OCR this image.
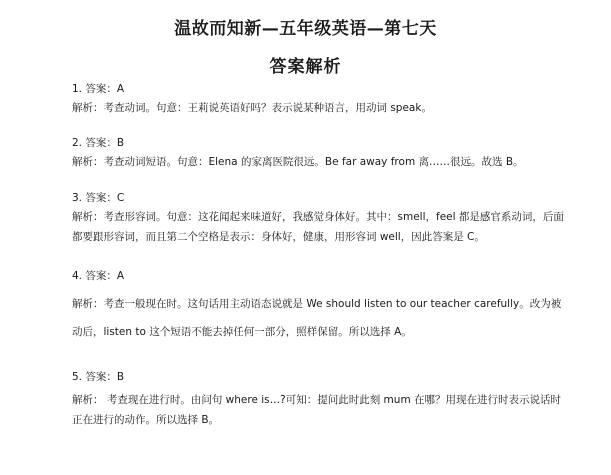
温故而知新—五年级英语—第七天
答案解析
1. 答案：A
解析：考查动词。句意：王莉说英语好吗？表示说某种语言，用动词 speak。
2. 答案：B
解析：考查动词短语。句意：Elena 的家离医院很远。Be far away from 离……很远。故选 B。
3. 答案：C
解析：考查形容词。句意：这花闻起来味道好，我感觉身体好。其中：smell，feel 都是感官系动词，后面
都要跟形容词，而且第二个空格是表示：身体好，健康，用形容词 well，因此答案是 C。
4. 答案：A
解析：考查一般现在时。这句话用主动语态说就是 We should listen to our teacher carefully。改为被
动后，listen to 这个短语不能去掉任何一部分，照样保留。所以选择 A。
5. 答案：B
解析： 考查现在进行时。由问句 where is…?可知：提问此时此刻 mum 在哪？用现在进行时表示说话时
正在进行的动作。所以选择 B。
